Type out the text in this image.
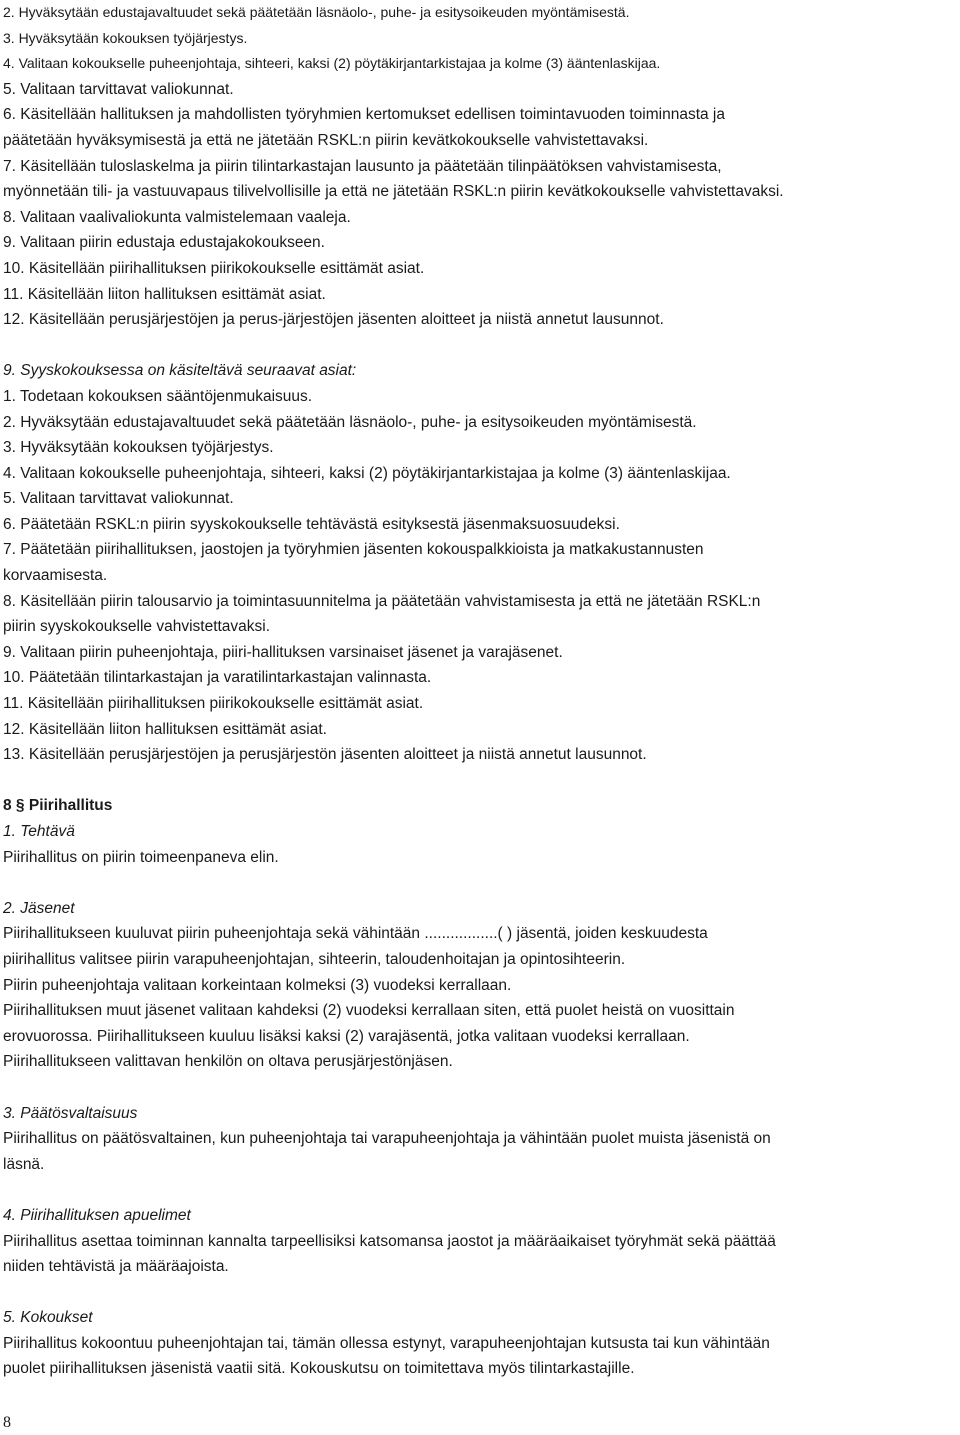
2. Hyväksytään edustajavaltuudet sekä päätetään läsnäolo-, puhe- ja esitysoikeuden myöntämisestä.
3. Hyväksytään kokouksen työjärjestys.
4. Valitaan kokoukselle puheenjohtaja, sihteeri, kaksi (2) pöytäkirjantarkistajaa ja kolme (3) ääntenlaskijaa.
5. Valitaan tarvittavat valiokunnat.
6. Käsitellään hallituksen ja mahdollisten työryhmien kertomukset edellisen toimintavuoden toiminnasta ja
päätetään hyväksymisestä ja että ne jätetään RSKL:n piirin kevätkokoukselle vahvistettavaksi.
7. Käsitellään tuloslaskelma ja piirin tilintarkastajan lausunto ja päätetään tilinpäätöksen vahvistamisesta,
myönnetään tili- ja vastuuvapaus tilivelvollisille ja että ne jätetään RSKL:n piirin kevätkokoukselle vahvistettavaksi.
8. Valitaan vaalivaliokunta valmistelemaan vaaleja.
9. Valitaan piirin edustaja edustajakokoukseen.
10. Käsitellään piirihallituksen piirikokoukselle esittämät asiat.
11. Käsitellään liiton hallituksen esittämät asiat.
12. Käsitellään perusjärjestöjen ja perus-järjestöjen jäsenten aloitteet ja niistä annetut lausunnot.
9. Syyskokouksessa on käsiteltävä seuraavat asiat:
1. Todetaan kokouksen sääntöjenmukaisuus.
2. Hyväksytään edustajavaltuudet sekä päätetään läsnäolo-, puhe- ja esitysoikeuden myöntämisestä.
3. Hyväksytään kokouksen työjärjestys.
4. Valitaan kokoukselle puheenjohtaja, sihteeri, kaksi (2) pöytäkirjantarkistajaa ja kolme (3) ääntenlaskijaa.
5. Valitaan tarvittavat valiokunnat.
6. Päätetään RSKL:n piirin syyskokoukselle tehtävästä esityksestä jäsenmaksuosuudeksi.
7. Päätetään piirihallituksen, jaostojen ja työryhmien jäsenten kokouspalkkioista ja matkakustannusten
korvaamisesta.
8. Käsitellään piirin talousarvio ja toimintasuunnitelma ja päätetään vahvistamisesta ja että ne jätetään RSKL:n
piirin syyskokoukselle vahvistettavaksi.
9. Valitaan piirin puheenjohtaja, piiri-hallituksen varsinaiset jäsenet ja varajäsenet.
10. Päätetään tilintarkastajan ja varatilintarkastajan valinnasta.
11. Käsitellään piirihallituksen piirikokoukselle esittämät asiat.
12. Käsitellään liiton hallituksen esittämät asiat.
13. Käsitellään perusjärjestöjen ja perusjärjestön jäsenten aloitteet ja niistä annetut lausunnot.
8 § Piirihallitus
1. Tehtävä
Piirihallitus on piirin toimeenpaneva elin.
2. Jäsenet
Piirihallitukseen kuuluvat piirin puheenjohtaja sekä vähintään .................( ) jäsentä, joiden keskuudesta
piirihallitus valitsee piirin varapuheenjohtajan, sihteerin, taloudenhoitajan ja opintosihteerin.
Piirin puheenjohtaja valitaan korkeintaan kolmeksi (3) vuodeksi kerrallaan.
Piirihallituksen muut jäsenet valitaan kahdeksi (2) vuodeksi kerrallaan siten, että puolet heistä on vuosittain
erovuorossa. Piirihallitukseen kuuluu lisäksi kaksi (2) varajäsentä, jotka valitaan vuodeksi kerrallaan.
Piirihallitukseen valittavan henkilön on oltava perusjärjestönjäsen.
3. Päätösvaltaisuus
Piirihallitus on päätösvaltainen, kun puheenjohtaja tai varapuheenjohtaja ja vähintään puolet muista jäsenistä on
läsnä.
4. Piirihallituksen apuelimet
Piirihallitus asettaa toiminnan kannalta tarpeellisiksi katsomansa jaostot ja määräaikaiset työryhmät sekä päättää
niiden tehtävistä ja määräajoista.
5. Kokoukset
Piirihallitus kokoontuu puheenjohtajan tai, tämän ollessa estynyt, varapuheenjohtajan kutsusta tai kun vähintään
puolet piirihallituksen jäsenistä vaatii sitä. Kokouskutsu on toimitettava myös tilintarkastajille.
8
